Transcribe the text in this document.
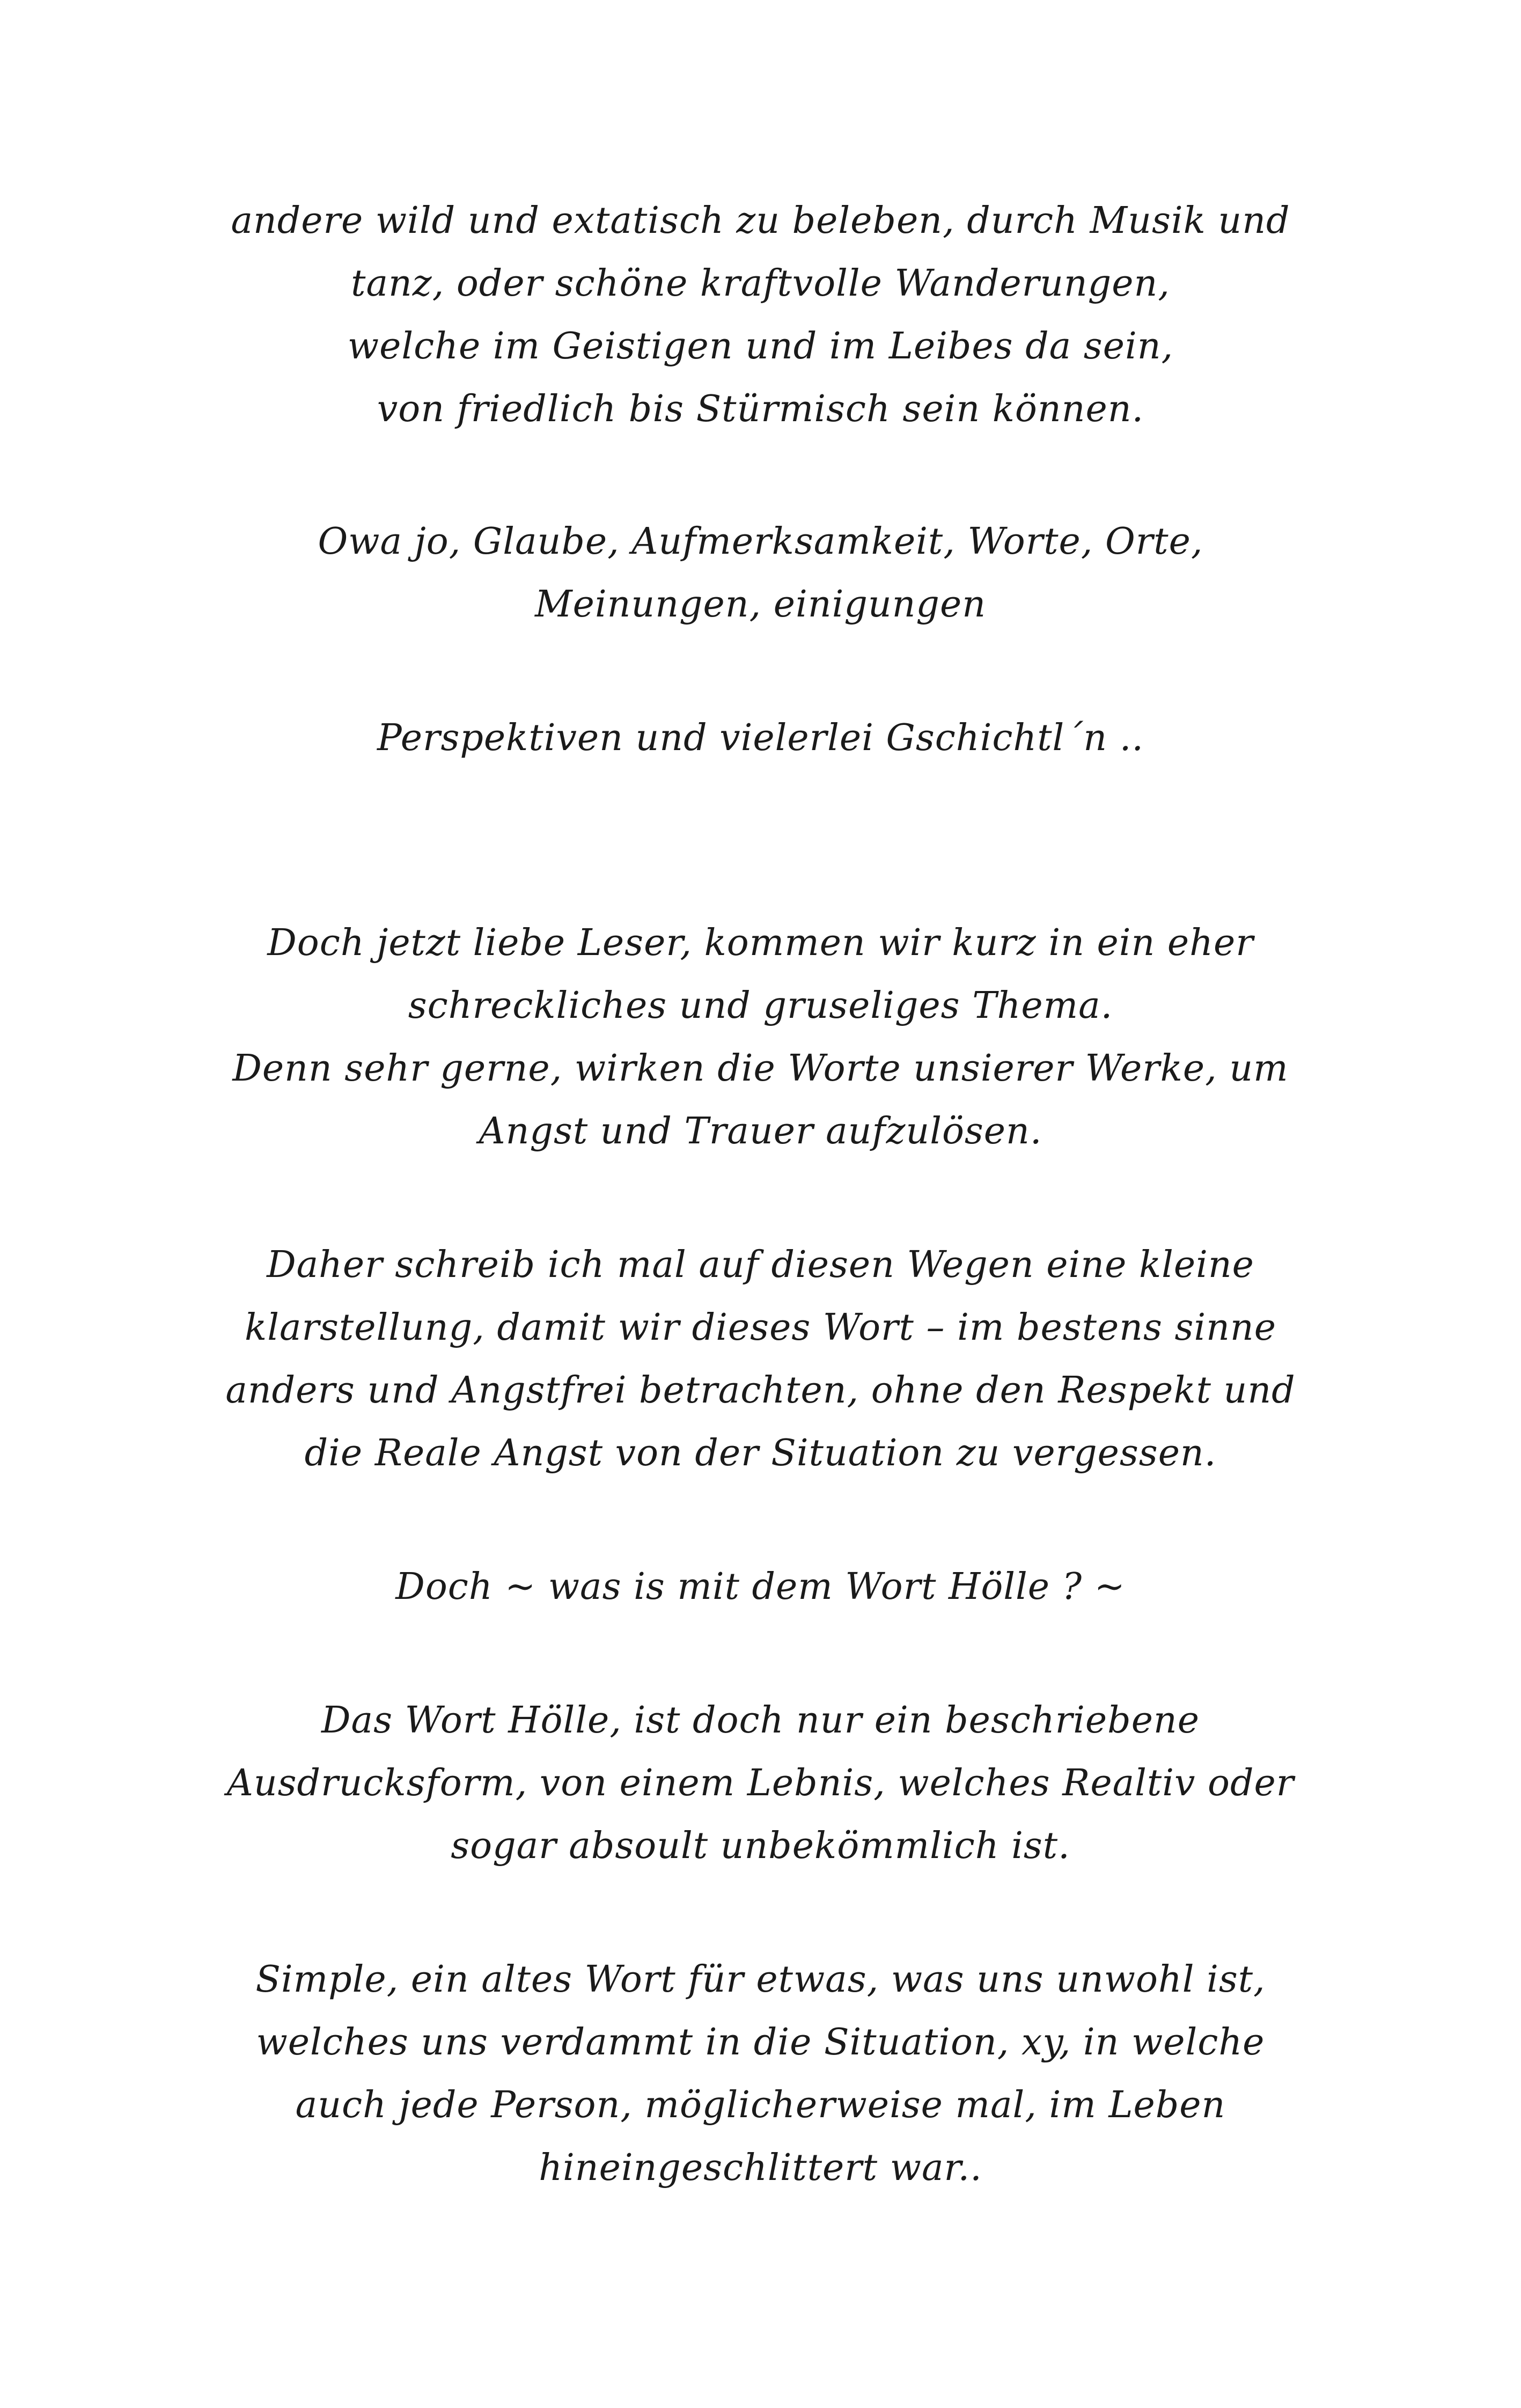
andere wild und extatisch zu beleben, durch Musik und
tanz, oder schöne kraftvolle Wanderungen,
welche im Geistigen und im Leibes da sein,
von friedlich bis Stürmisch sein können.
Owa jo, Glaube, Aufmerksamkeit, Worte, Orte,
Meinungen, einigungen
Perspektiven und vielerlei Gschichtl´n ..
Doch jetzt liebe Leser, kommen wir kurz in ein eher
schreckliches und gruseliges Thema.
Denn sehr gerne, wirken die Worte unsierer Werke, um
Angst und Trauer aufzulösen.
Daher schreib ich mal auf diesen Wegen eine kleine
klarstellung, damit wir dieses Wort – im bestens sinne
anders und Angstfrei betrachten, ohne den Respekt und
die Reale Angst von der Situation zu vergessen.
Doch ~ was is mit dem Wort Hölle ? ~
Das Wort Hölle, ist doch nur ein beschriebene
Ausdrucksform, von einem Lebnis, welches Realtiv oder
sogar absoult unbekömmlich ist.
Simple, ein altes Wort für etwas, was uns unwohl ist,
welches uns verdammt in die Situation, xy, in welche
auch jede Person, möglicherweise mal, im Leben
hineingeschlittert war..
